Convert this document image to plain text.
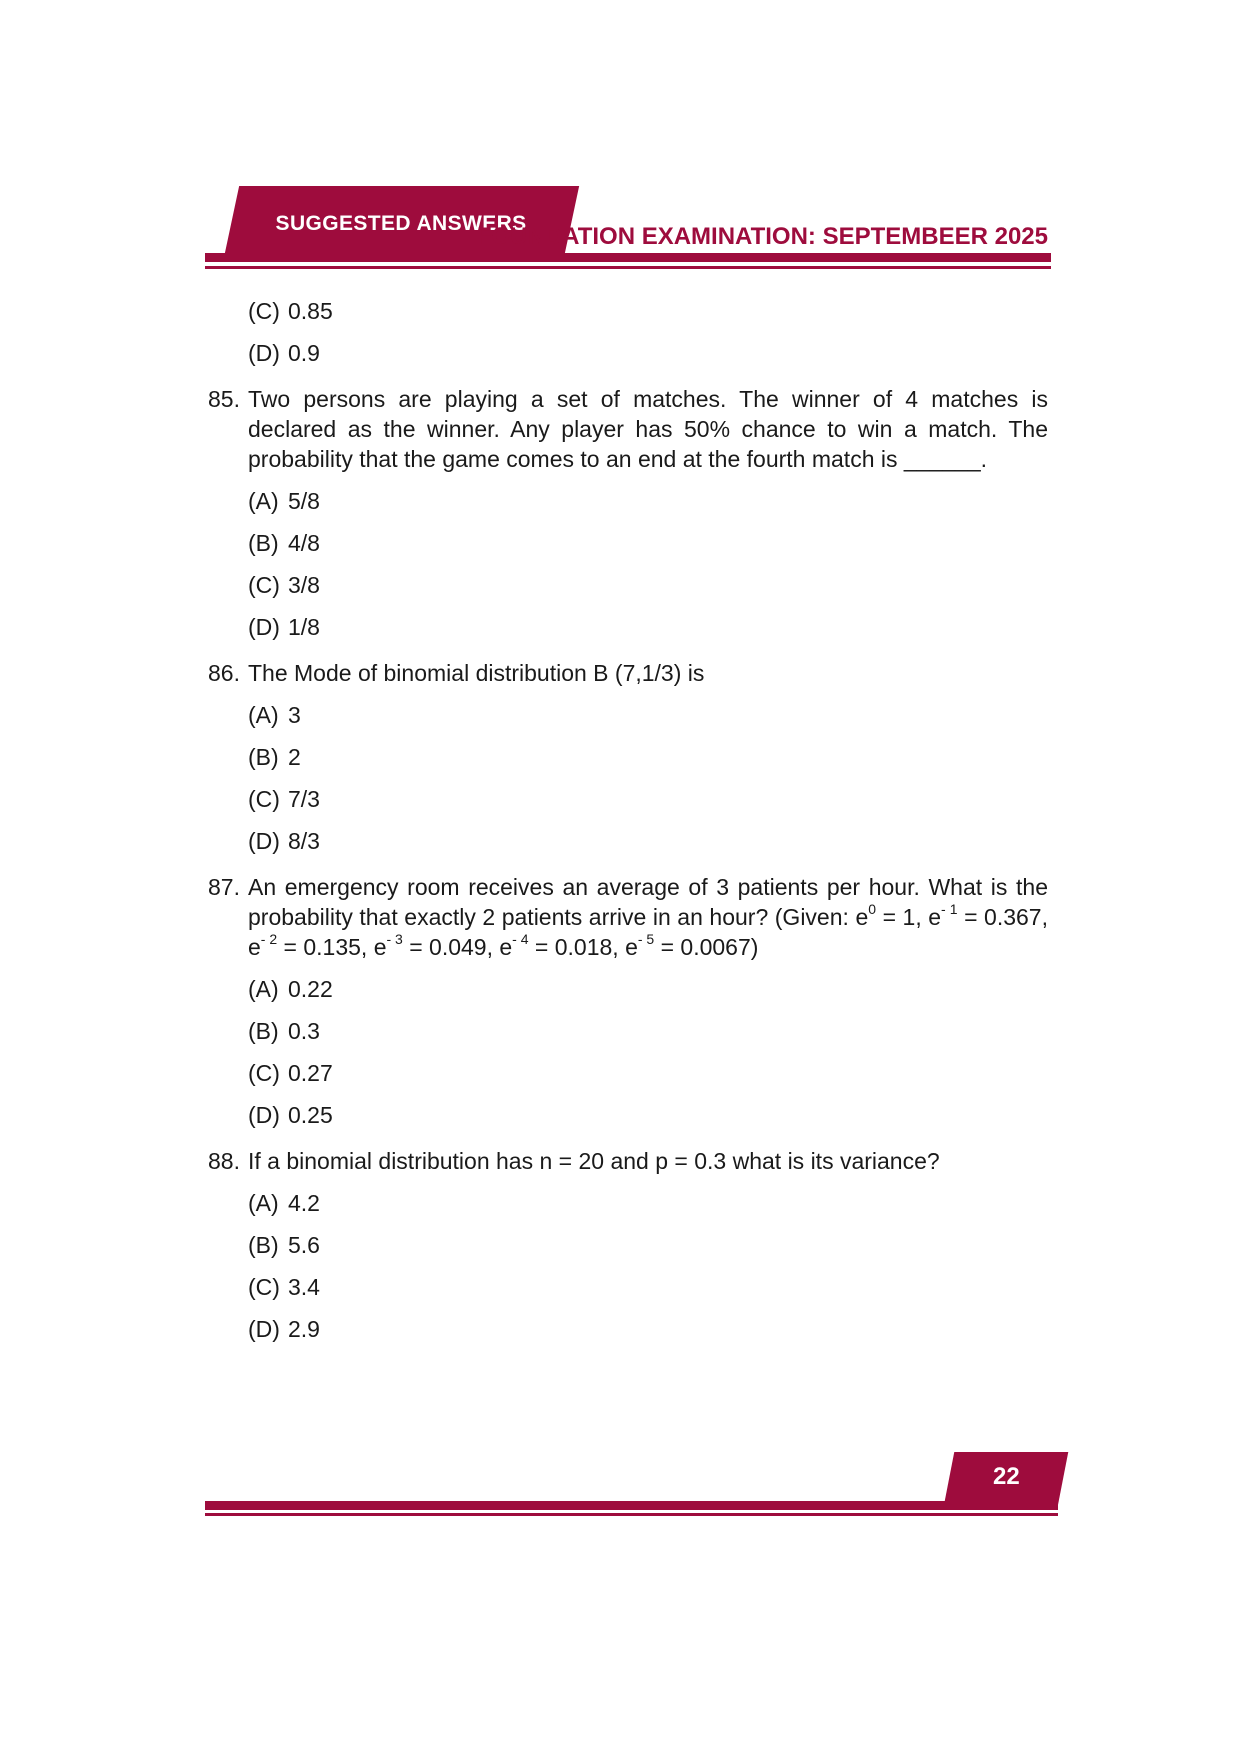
SUGGESTED ANSWERS
FOUNDATION EXAMINATION: SEPTEMBEER 2025
(C) 0.85
(D) 0.9
85. Two persons are playing a set of matches. The winner of 4 matches is declared as the winner. Any player has 50% chance to win a match. The probability that the game comes to an end at the fourth match is ______.
(A) 5/8
(B) 4/8
(C) 3/8
(D) 1/8
86. The Mode of binomial distribution B (7,1/3) is
(A) 3
(B) 2
(C) 7/3
(D) 8/3
87. An emergency room receives an average of 3 patients per hour. What is the probability that exactly 2 patients arrive in an hour? (Given: $e^0 = 1$, $e^{- 1} = 0.367$, $e^{- 2} = 0.135$, $e^{- 3} = 0.049$, $e^{- 4} = 0.018$, $e^{- 5} = 0.0067$)
(A) 0.22
(B) 0.3
(C) 0.27
(D) 0.25
88. If a binomial distribution has n = 20 and p = 0.3 what is its variance?
(A) 4.2
(B) 5.6
(C) 3.4
(D) 2.9
22
